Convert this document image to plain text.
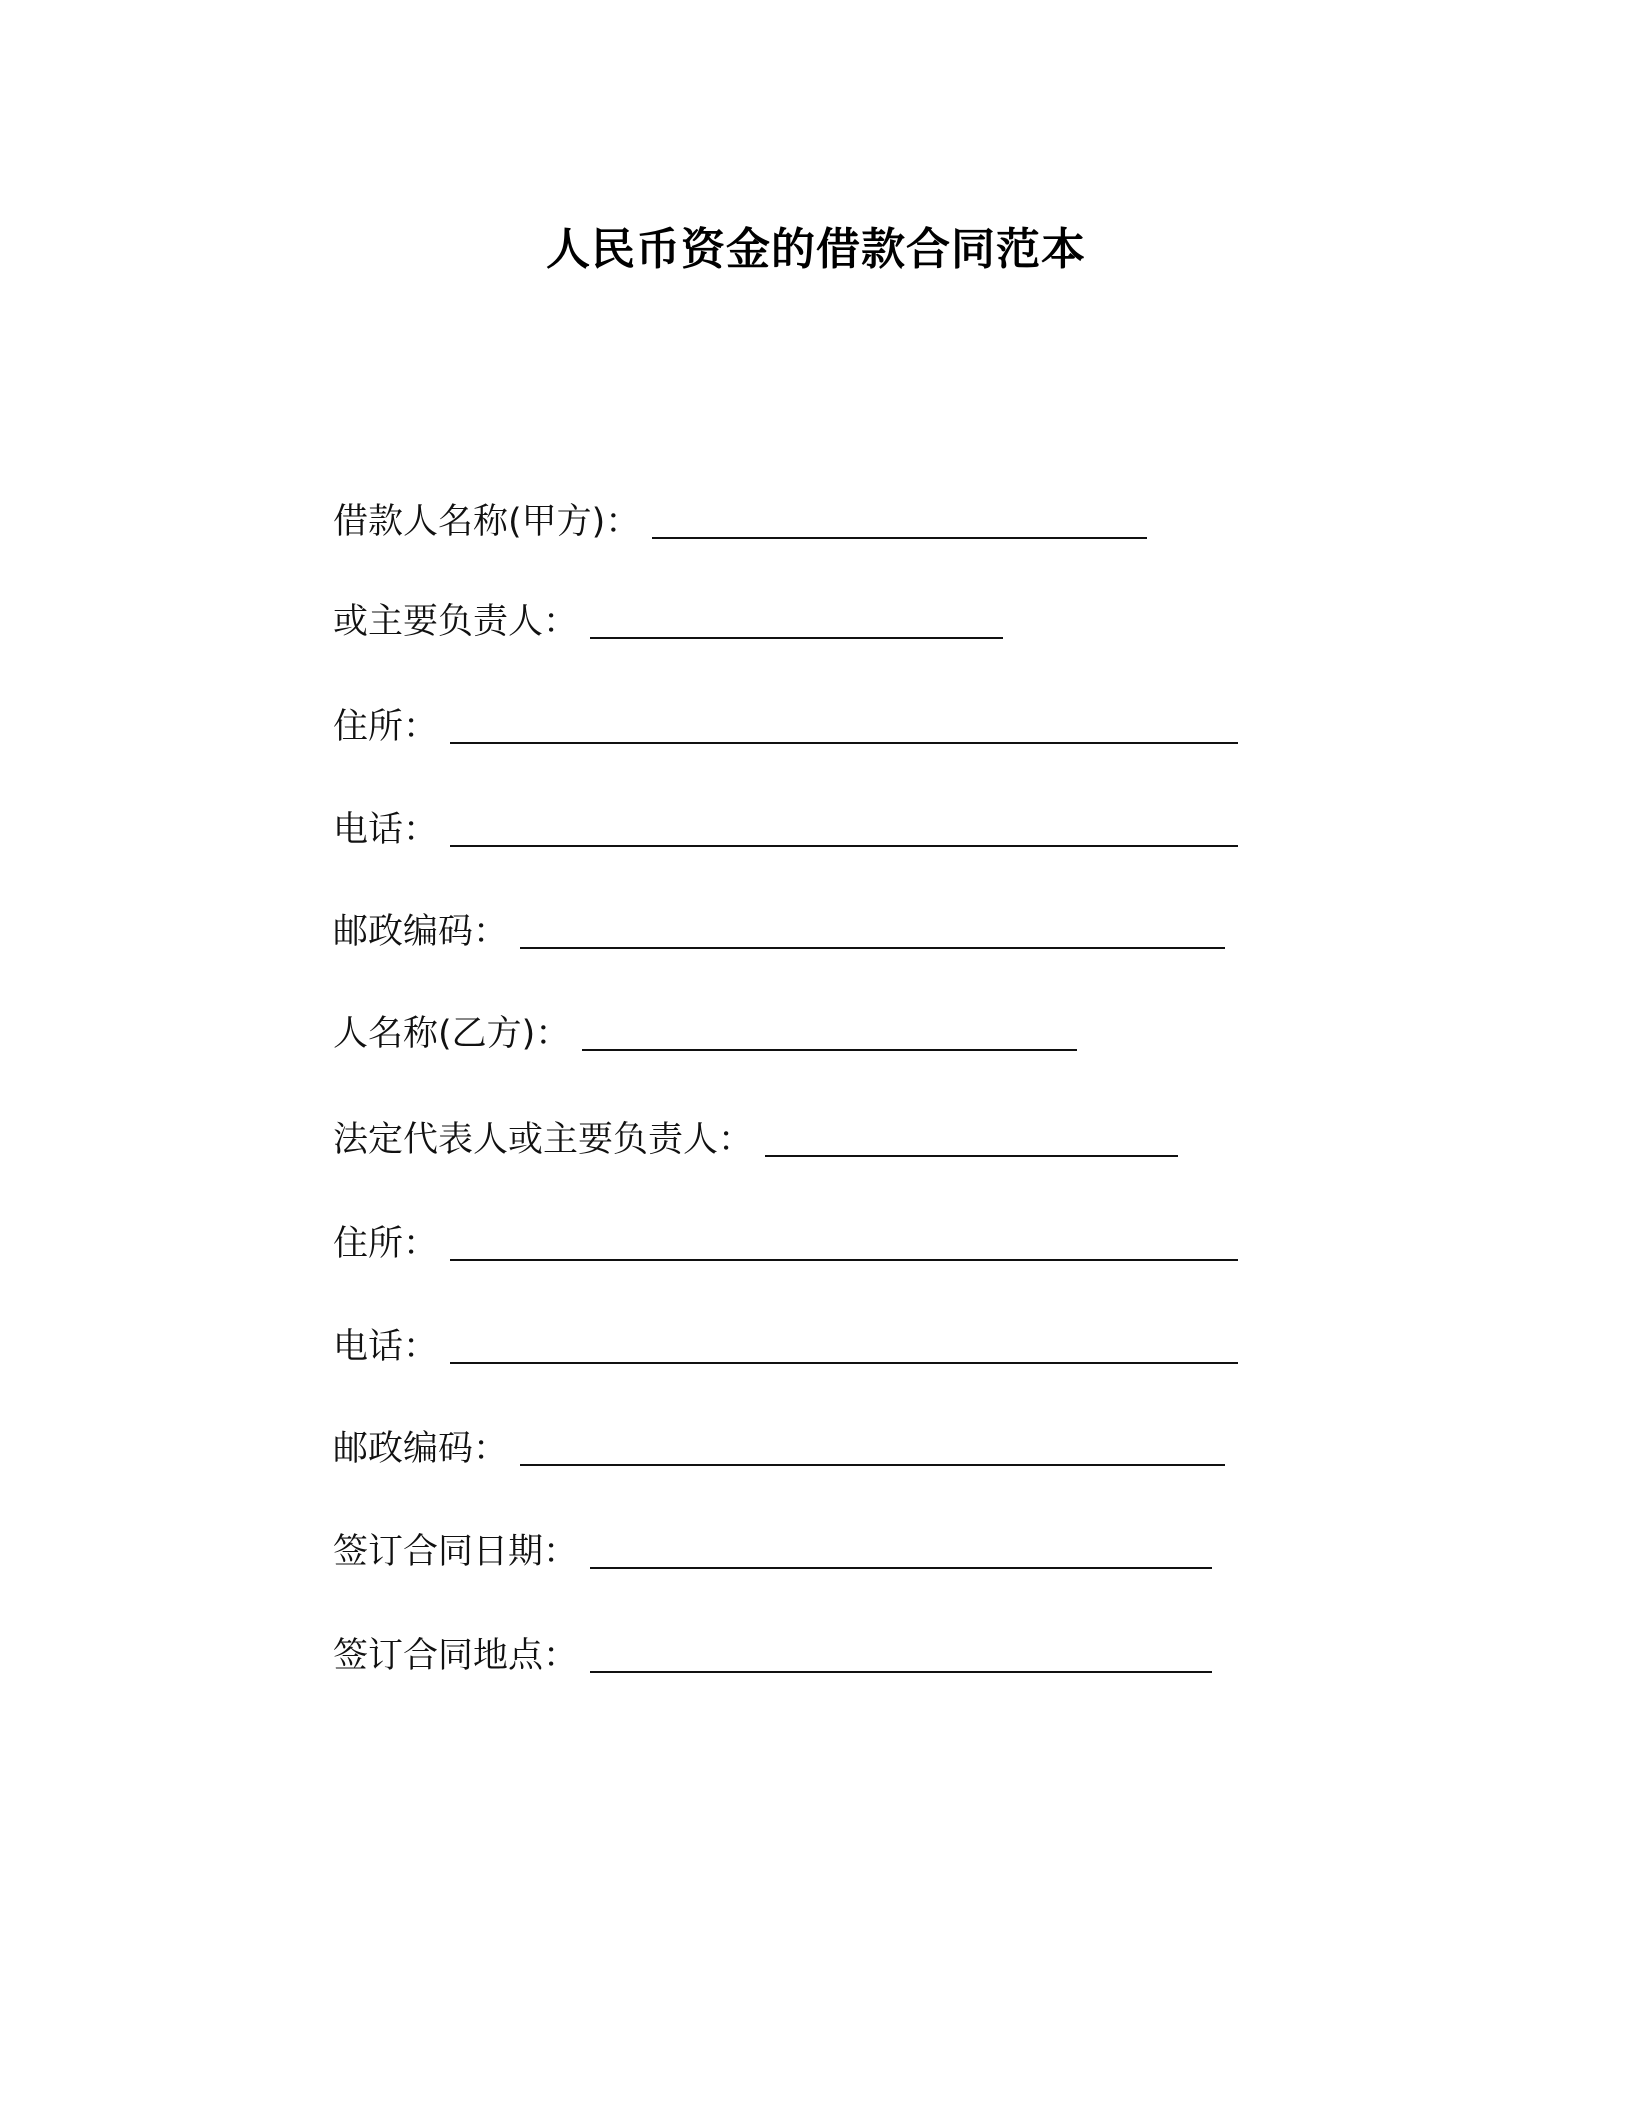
人民币资金的借款合同范本
借款人名称(甲方)：
或主要负责人：
住所：
电话：
邮政编码：
人名称(乙方)：
法定代表人或主要负责人：
住所：
电话：
邮政编码：
签订合同日期：
签订合同地点：
